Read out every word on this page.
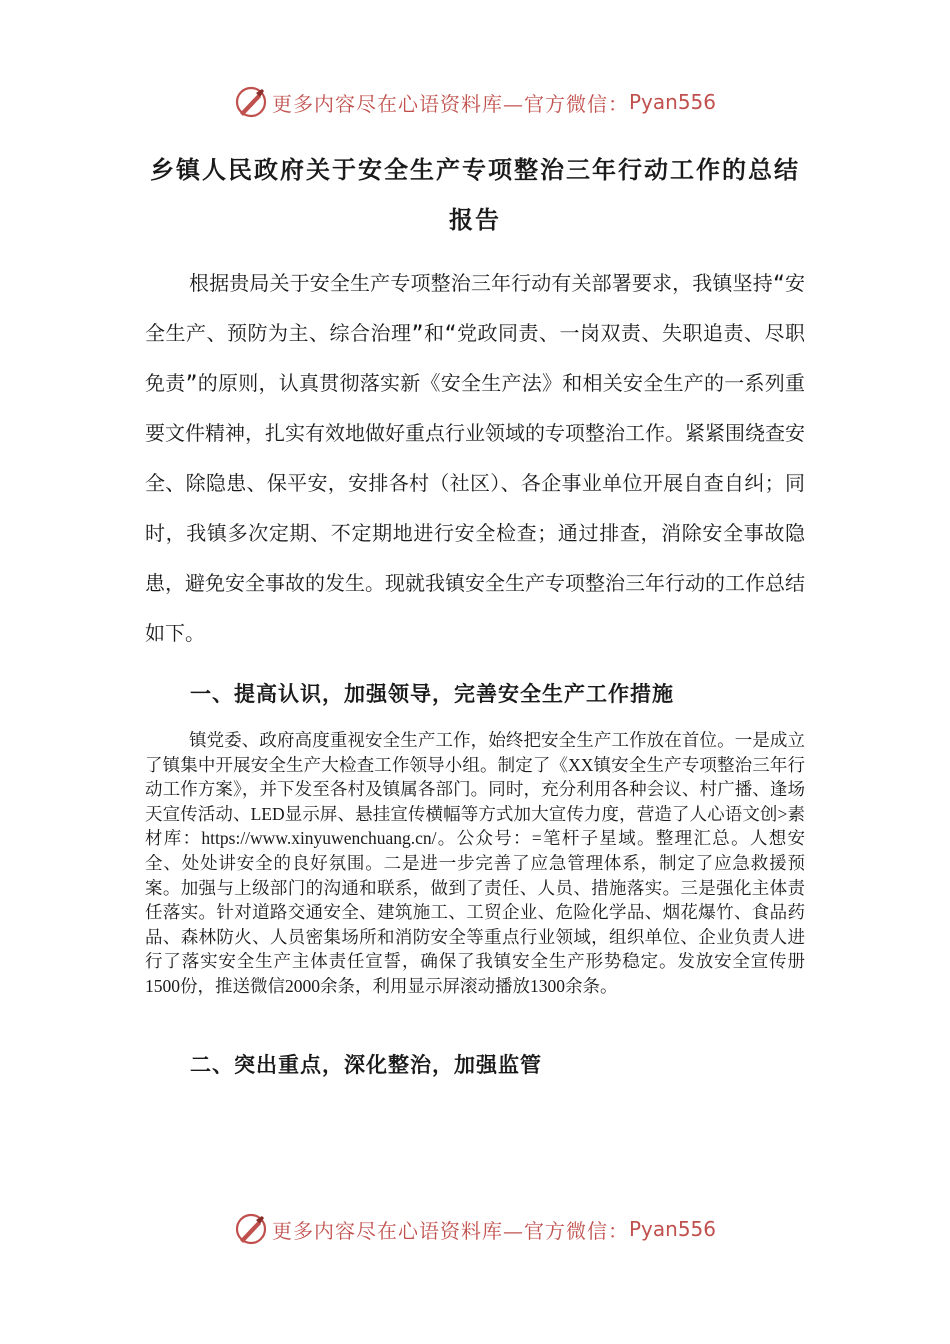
更多内容尽在心语资料库—官方微信： Pyan556
乡镇人民政府关于安全生产专项整治三年行动工作的总结
报告

根据贵局关于安全生产专项整治三年行动有关部署要求，我镇坚持“安全生产、预防为主、综合治理”和“党政同责、一岗双责、失职追责、尽职免责”的原则，认真贯彻落实新《安全生产法》和相关安全生产的一系列重要文件精神，扎实有效地做好重点行业领域的专项整治工作。紧紧围绕查安全、除隐患、保平安，安排各村（社区）、各企事业单位开展自查自纠；同时，我镇多次定期、不定期地进行安全检查；通过排查，消除安全事故隐患，避免安全事故的发生。现就我镇安全生产专项整治三年行动的工作总结如下。

一、提高认识，加强领导，完善安全生产工作措施

镇党委、政府高度重视安全生产工作，始终把安全生产工作放在首位。一是成立了镇集中开展安全生产大检查工作领导小组。制定了《XX镇安全生产专项整治三年行动工作方案》，并下发至各村及镇属各部门。同时，充分利用各种会议、村广播、逢场天宣传活动、LED显示屏、悬挂宣传横幅等方式加大宣传力度，营造了人心语文创>素材库：https://www.xinyuwenchuang.cn/。公众号：=笔杆子星域。整理汇总。人想安全、处处讲安全的良好氛围。二是进一步完善了应急管理体系，制定了应急救援预案。加强与上级部门的沟通和联系，做到了责任、人员、措施落实。三是强化主体责任落实。针对道路交通安全、建筑施工、工贸企业、危险化学品、烟花爆竹、食品药品、森林防火、人员密集场所和消防安全等重点行业领域，组织单位、企业负责人进行了落实安全生产主体责任宣誓，确保了我镇安全生产形势稳定。发放安全宣传册1500份，推送微信2000余条，利用显示屏滚动播放1300余条。

二、突出重点，深化整治，加强监管
更多内容尽在心语资料库—官方微信： Pyan556
